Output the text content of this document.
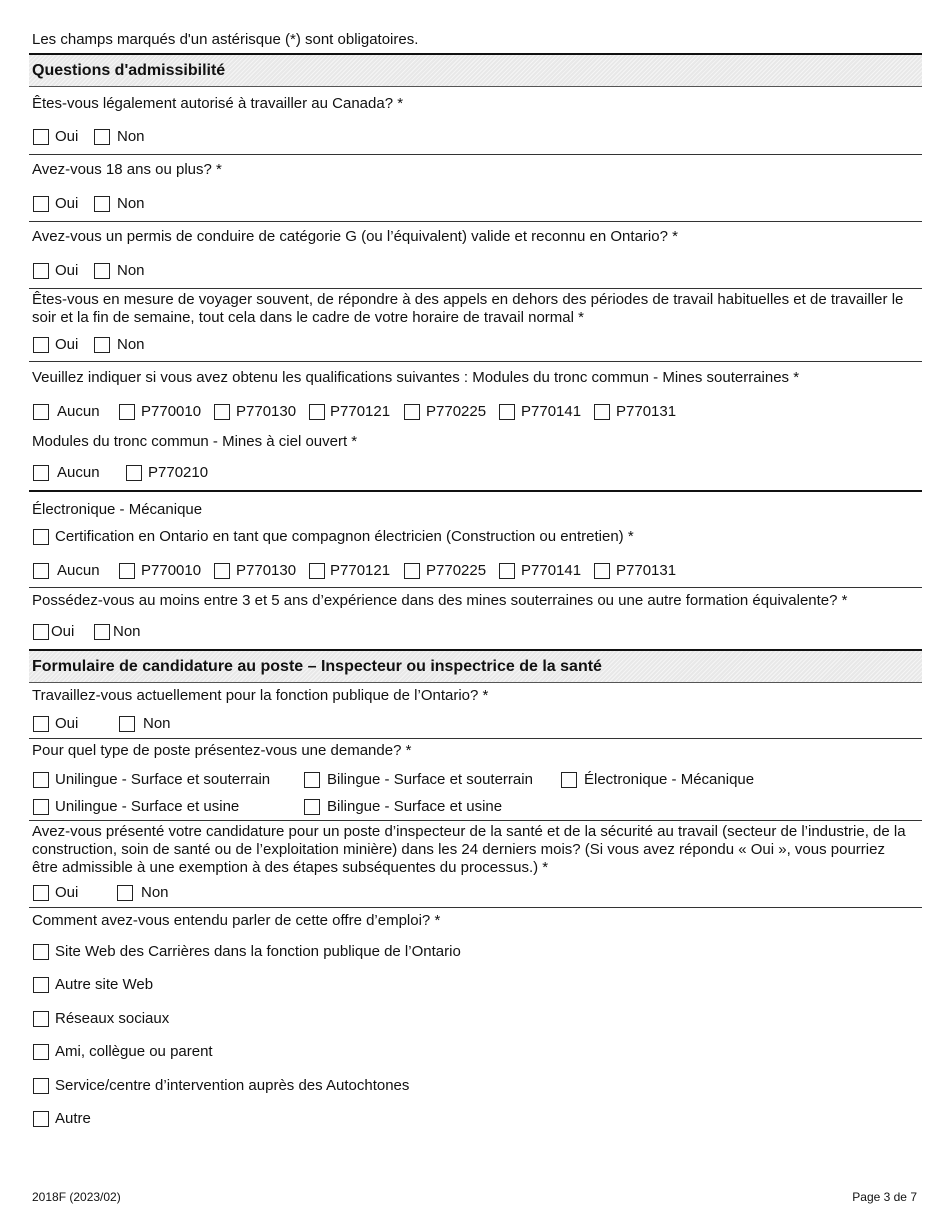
Les champs marqués d'un astérisque (*) sont obligatoires.
Questions d'admissibilité
Êtes-vous légalement autorisé à travailler au Canada? *
Oui	Non
Avez-vous 18 ans ou plus? *
Oui	Non
Avez-vous un permis de conduire de catégorie G (ou l’équivalent) valide et reconnu en Ontario? *
Oui	Non
Êtes-vous en mesure de voyager souvent, de répondre à des appels en dehors des périodes de travail habituelles et de travailler le soir et la fin de semaine, tout cela dans le cadre de votre horaire de travail normal *
Oui	Non
Veuillez indiquer si vous avez obtenu les qualifications suivantes : Modules du tronc commun - Mines souterraines *
Aucun	P770010 P770130 P770121 P770225 P770141 P770131
Modules du tronc commun - Mines à ciel ouvert *
Aucun	P770210
Électronique - Mécanique
Certification en Ontario en tant que compagnon électricien (Construction ou entretien) *
Aucun	P770010 P770130 P770121 P770225 P770141 P770131
Possédez-vous au moins entre 3 et 5 ans d’expérience dans des mines souterraines ou une autre formation équivalente? *
Oui	Non
Formulaire de candidature au poste – Inspecteur ou inspectrice de la santé
Travaillez-vous actuellement pour la fonction publique de l’Ontario? *
Oui	Non
Pour quel type de poste présentez-vous une demande? *
Unilingue - Surface et souterrain	Bilingue - Surface et souterrain	Électronique - Mécanique
Unilingue - Surface et usine	Bilingue - Surface et usine
Avez-vous présenté votre candidature pour un poste d’inspecteur de la santé et de la sécurité au travail (secteur de l’industrie, de la construction, soin de santé ou de l’exploitation minière) dans les 24 derniers mois? (Si vous avez répondu « Oui », vous pourriez être admissible à une exemption à des étapes subséquentes du processus.) *
Oui	Non
Comment avez-vous entendu parler de cette offre d’emploi? *
Site Web des Carrières dans la fonction publique de l’Ontario
Autre site Web
Réseaux sociaux
Ami, collègue ou parent
Service/centre d’intervention auprès des Autochtones
Autre
2018F (2023/02)	Page 3 de 7
